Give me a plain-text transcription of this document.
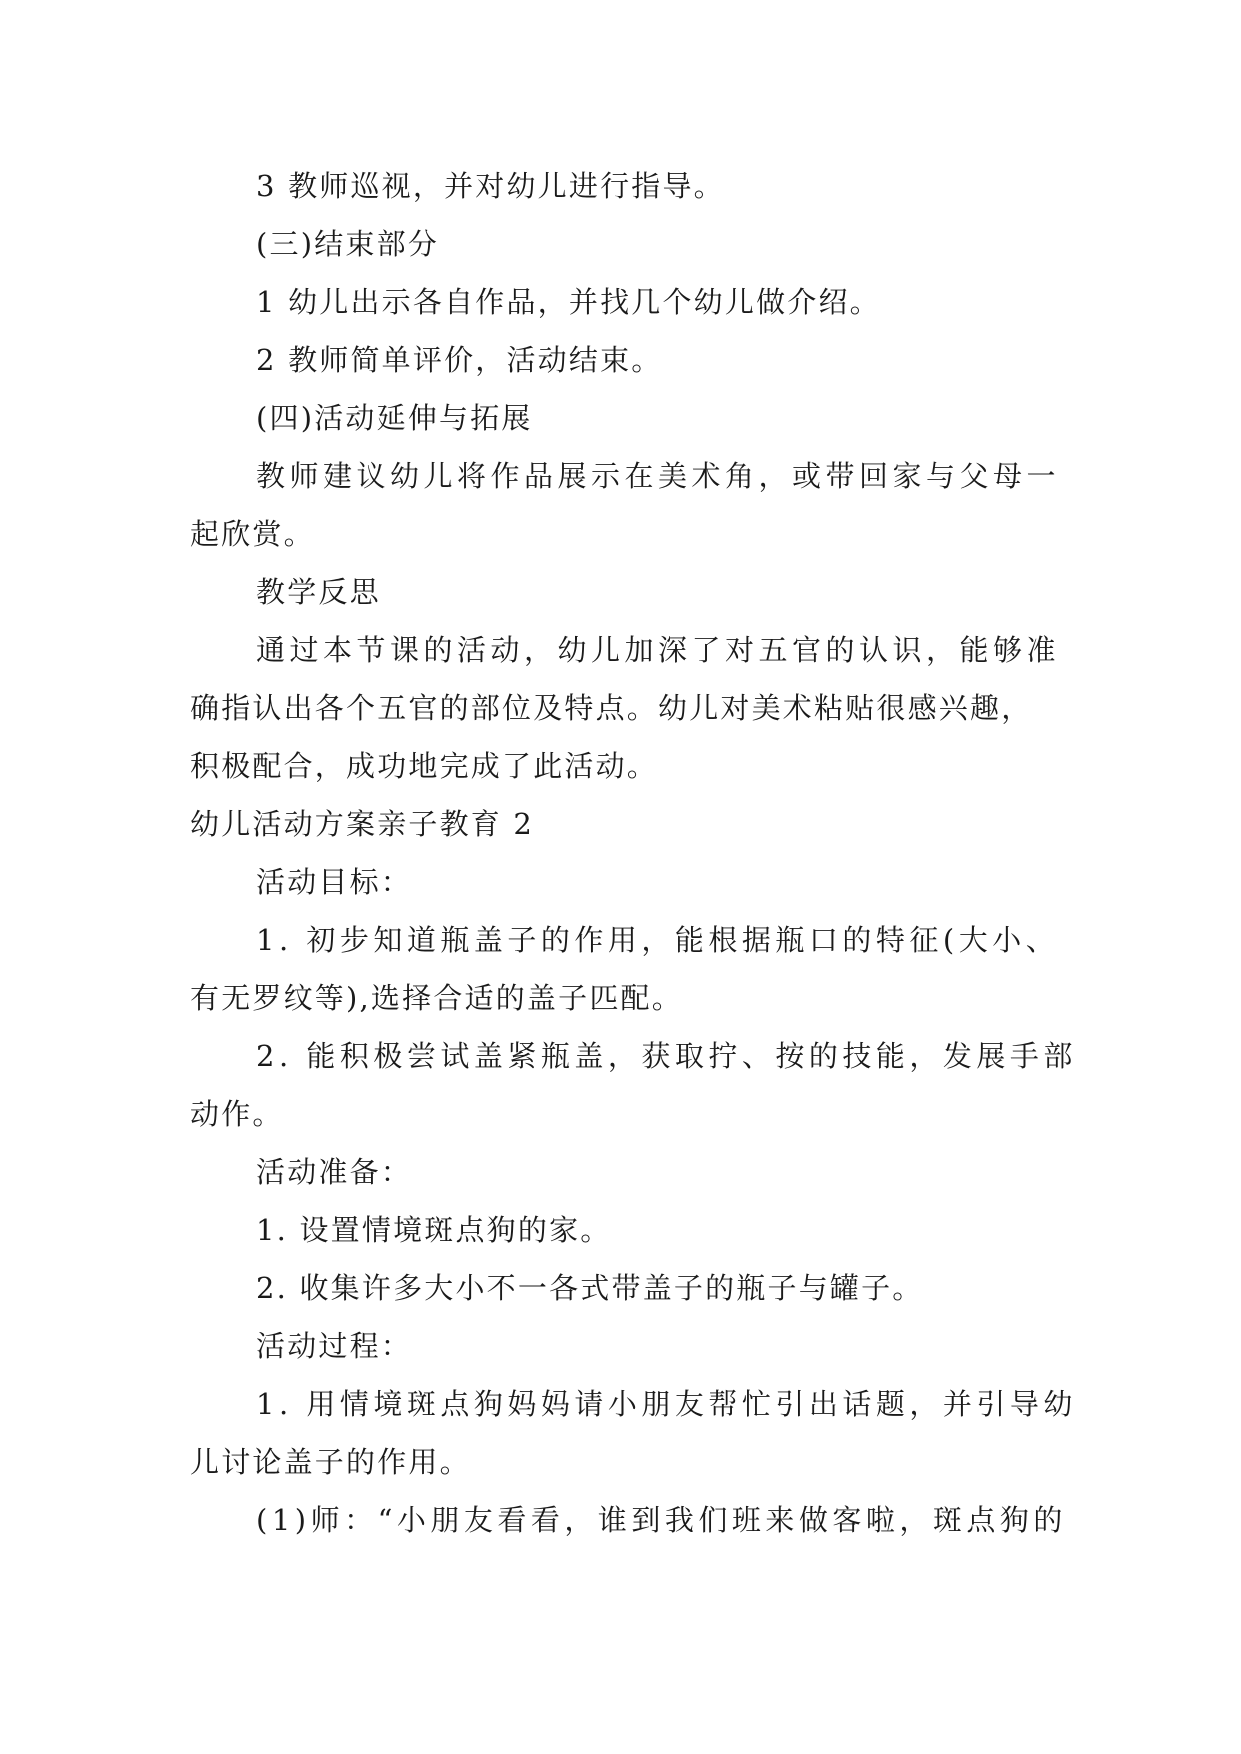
3 教师巡视，并对幼儿进行指导。
(三)结束部分
1 幼儿出示各自作品，并找几个幼儿做介绍。
2 教师简单评价，活动结束。
(四)活动延伸与拓展
教师建议幼儿将作品展示在美术角，或带回家与父母一
起欣赏。
教学反思
通过本节课的活动，幼儿加深了对五官的认识，能够准
确指认出各个五官的部位及特点。幼儿对美术粘贴很感兴趣，
积极配合，成功地完成了此活动。
幼儿活动方案亲子教育 2
活动目标：
1. 初步知道瓶盖子的作用，能根据瓶口的特征(大小、
有无罗纹等),选择合适的盖子匹配。
2. 能积极尝试盖紧瓶盖，获取拧、按的技能，发展手部
动作。
活动准备：
1. 设置情境斑点狗的家。
2. 收集许多大小不一各式带盖子的瓶子与罐子。
活动过程：
1. 用情境斑点狗妈妈请小朋友帮忙引出话题，并引导幼
儿讨论盖子的作用。
(1)师：“小朋友看看，谁到我们班来做客啦，斑点狗的
